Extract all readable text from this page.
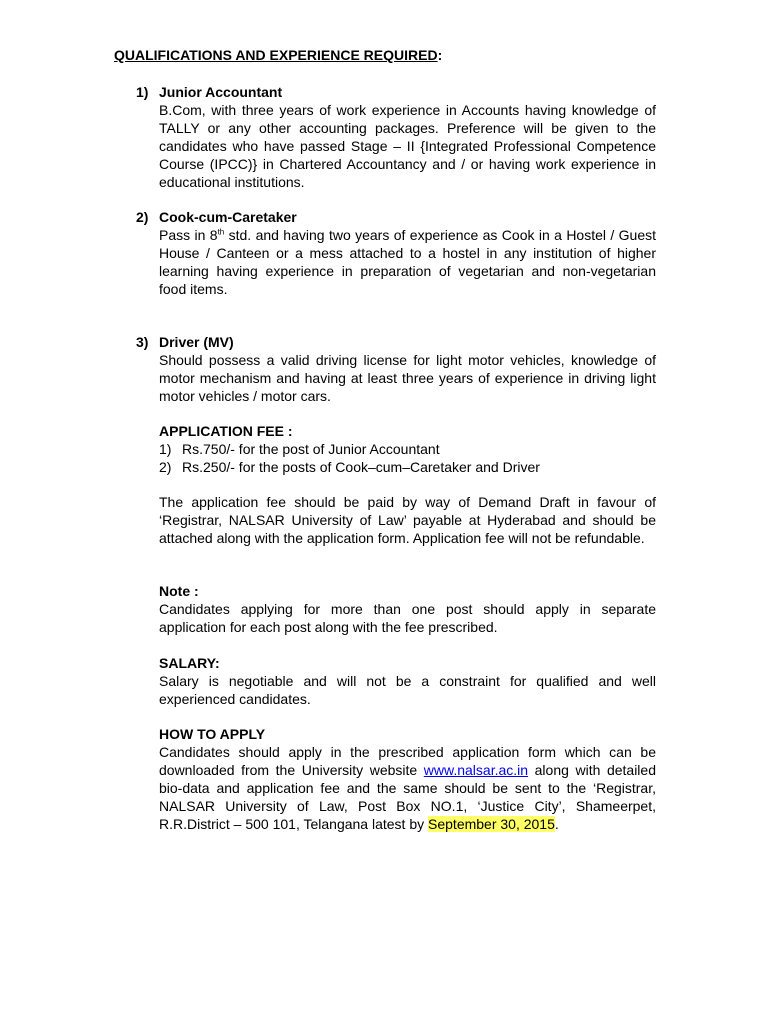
QUALIFICATIONS AND EXPERIENCE REQUIRED:
1) Junior Accountant
B.Com, with three years of work experience in Accounts having knowledge of TALLY or any other accounting packages. Preference will be given to the candidates who have passed Stage – II {Integrated Professional Competence Course (IPCC)} in Chartered Accountancy and / or having work experience in educational institutions.
2) Cook-cum-Caretaker
Pass in 8th std. and having two years of experience as Cook in a Hostel / Guest House / Canteen or a mess attached to a hostel in any institution of higher learning having experience in preparation of vegetarian and non-vegetarian food items.
3) Driver (MV)
Should possess a valid driving license for light motor vehicles, knowledge of motor mechanism and having at least three years of experience in driving light motor vehicles / motor cars.
APPLICATION FEE :
1) Rs.750/- for the post of Junior Accountant
2) Rs.250/- for the posts of Cook–cum–Caretaker and Driver
The application fee should be paid by way of Demand Draft in favour of ‘Registrar, NALSAR University of Law’ payable at Hyderabad and should be attached along with the application form. Application fee will not be refundable.
Note :
Candidates applying for more than one post should apply in separate application for each post along with the fee prescribed.
SALARY:
Salary is negotiable and will not be a constraint for qualified and well experienced candidates.
HOW TO APPLY
Candidates should apply in the prescribed application form which can be downloaded from the University website www.nalsar.ac.in along with detailed bio-data and application fee and the same should be sent to the ‘Registrar, NALSAR University of Law, Post Box NO.1, ‘Justice City’, Shameerpet, R.R.District – 500 101, Telangana latest by September 30, 2015.
